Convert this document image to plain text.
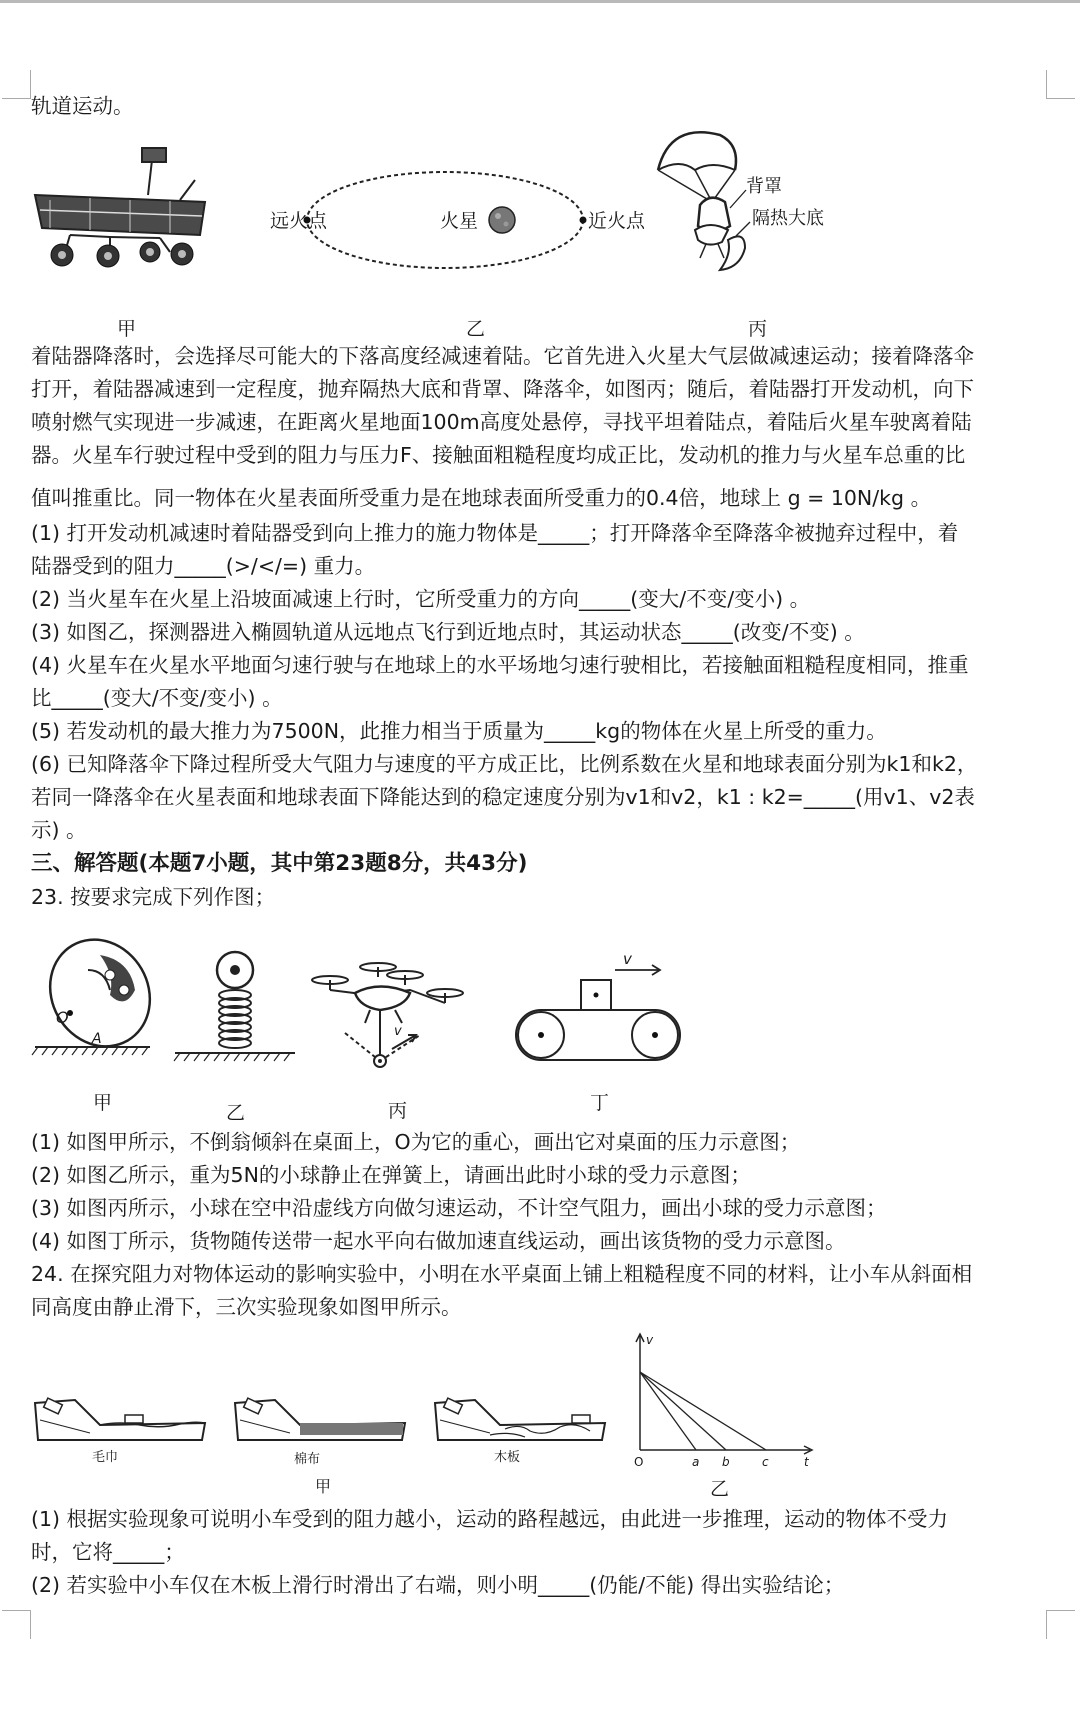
轨道运动。
远火点	火星	近火点
背罩
隔热大底
甲	乙	丙
着陆器降落时，会选择尽可能大的下落高度经减速着陆。它首先进入火星大气层做减速运动；接着降落伞
打开，着陆器减速到一定程度，抛弃隔热大底和背罩、降落伞，如图丙；随后，着陆器打开发动机，向下
喷射燃气实现进一步减速，在距离火星地面100m高度处悬停，寻找平坦着陆点，着陆后火星车驶离着陆
器。火星车行驶过程中受到的阻力与压力F、接触面粗糙程度均成正比，发动机的推力与火星车总重的比
值叫推重比。同一物体在火星表面所受重力是在地球表面所受重力的0.4倍，地球上 g = 10N/kg 。
(1) 打开发动机减速时着陆器受到向上推力的施力物体是_____；打开降落伞至降落伞被抛弃过程中，着
陆器受到的阻力_____(>/</=) 重力。
(2) 当火星车在火星上沿坡面减速上行时，它所受重力的方向_____(变大/不变/变小) 。
(3) 如图乙，探测器进入椭圆轨道从远地点飞行到近地点时，其运动状态_____(改变/不变) 。
(4) 火星车在火星水平地面匀速行驶与在地球上的水平场地匀速行驶相比，若接触面粗糙程度相同，推重
比_____(变大/不变/变小) 。
(5) 若发动机的最大推力为7500N，此推力相当于质量为_____kg的物体在火星上所受的重力。
(6) 已知降落伞下降过程所受大气阻力与速度的平方成正比，比例系数在火星和地球表面分别为k1和k2，
若同一降落伞在火星表面和地球表面下降能达到的稳定速度分别为v1和v2，k1 : k2=_____(用v1、v2表
示) 。
三、解答题(本题7小题，其中第23题8分，共43分)
23. 按要求完成下列作图；
O
A	v
v
甲	乙	丙	丁
(1) 如图甲所示，不倒翁倾斜在桌面上，O为它的重心，画出它对桌面的压力示意图；
(2) 如图乙所示，重为5N的小球静止在弹簧上，请画出此时小球的受力示意图；
(3) 如图丙所示，小球在空中沿虚线方向做匀速运动，不计空气阻力，画出小球的受力示意图；
(4) 如图丁所示，货物随传送带一起水平向右做加速直线运动，画出该货物的受力示意图。
24. 在探究阻力对物体运动的影响实验中，小明在水平桌面上铺上粗糙程度不同的材料，让小车从斜面相
同高度由静止滑下，三次实验现象如图甲所示。
毛巾	棉布	木板
v
t
O	a b	c
甲	乙
(1) 根据实验现象可说明小车受到的阻力越小，运动的路程越远，由此进一步推理，运动的物体不受力
时，它将_____；
(2) 若实验中小车仅在木板上滑行时滑出了右端，则小明_____(仍能/不能) 得出实验结论；
